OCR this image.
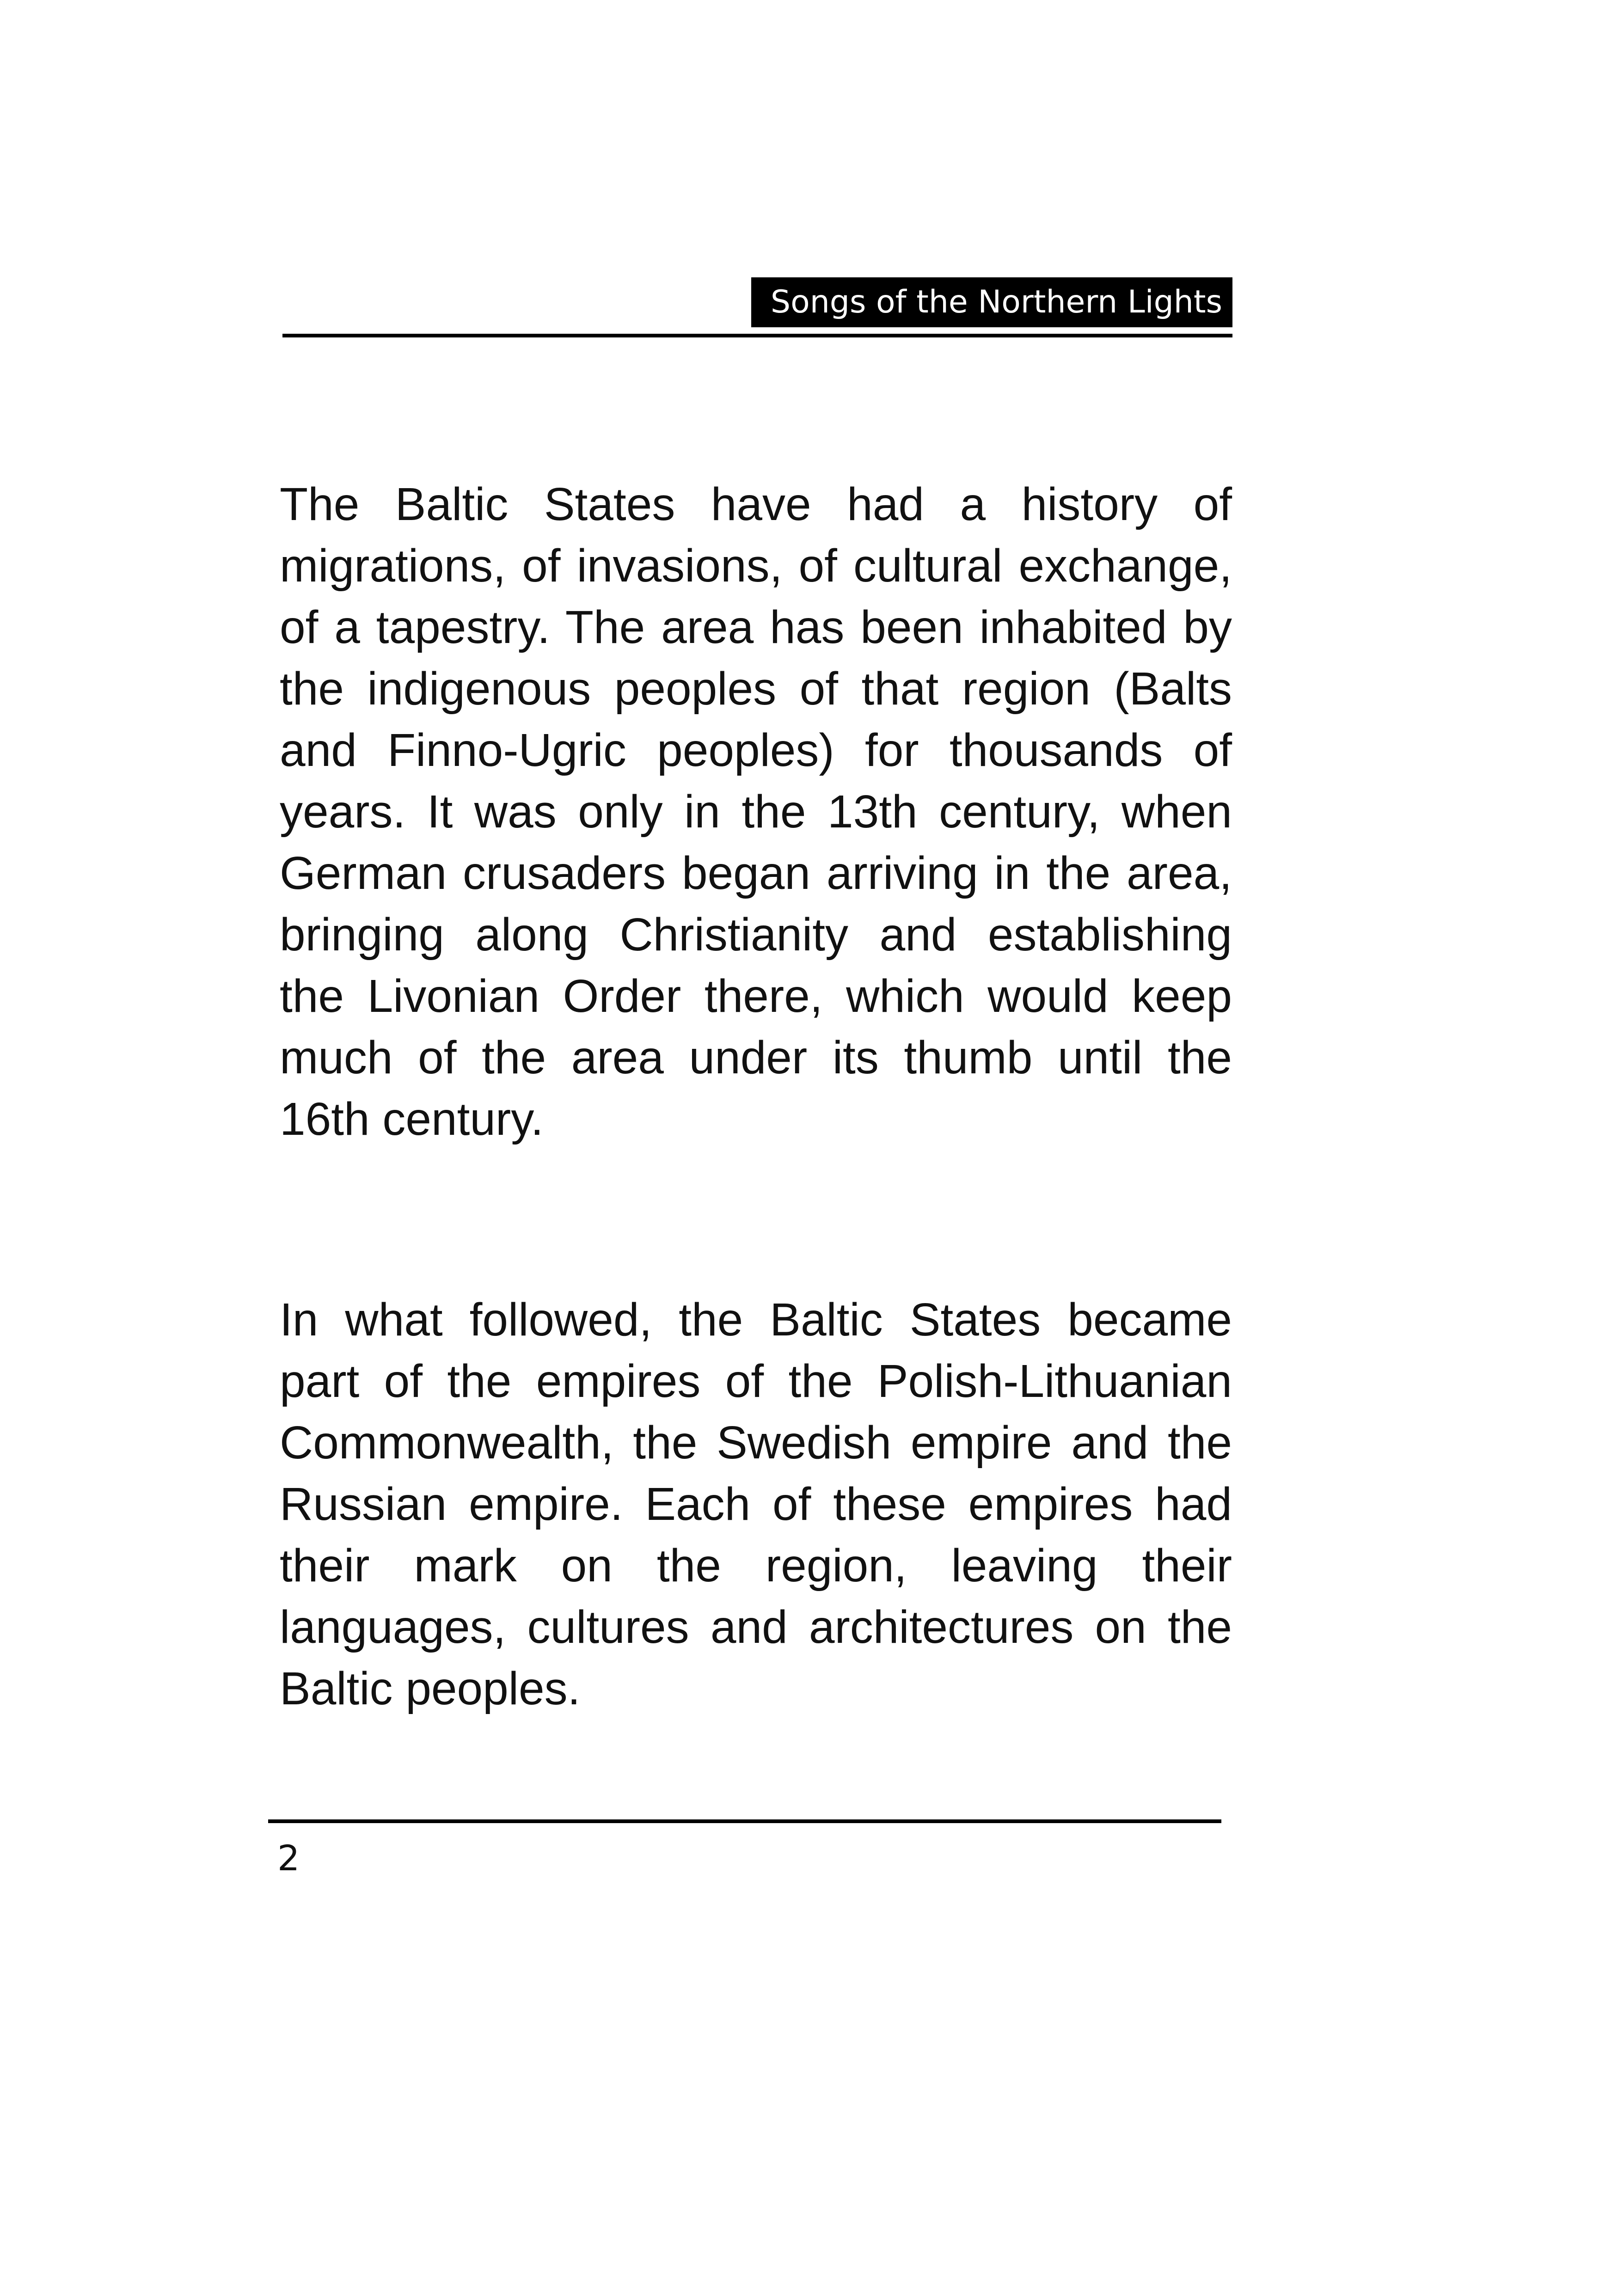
Songs of the Northern Lights

The Baltic States have had a history of migrations, of invasions, of cultural exchange, of a tapestry. The area has been inhabited by the indigenous peoples of that region (Balts and Finno-Ugric peoples) for thousands of years. It was only in the 13th century, when German crusaders began arriving in the area, bringing along Christianity and establishing the Livonian Order there, which would keep much of the area under its thumb until the 16th century.

In what followed, the Baltic States became part of the empires of the Polish-Lithuanian Commonwealth, the Swedish empire and the Russian empire. Each of these empires had their mark on the region, leaving their languages, cultures and architectures on the Baltic peoples.

2
